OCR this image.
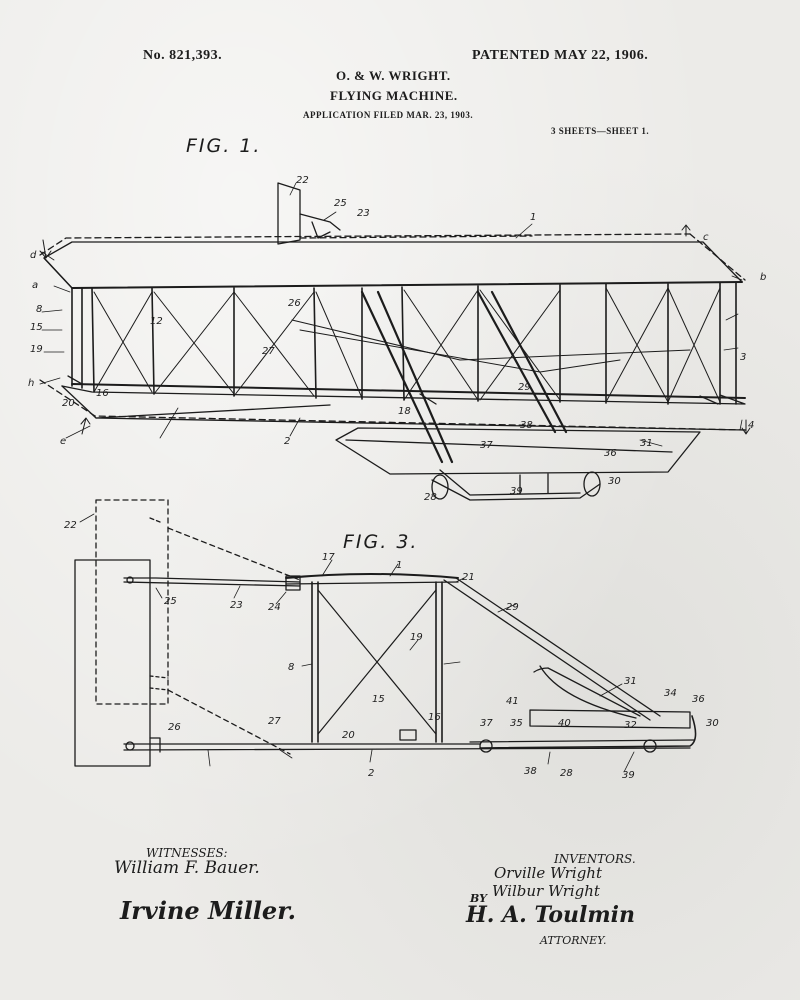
No. 821,393.	PATENTED MAY 22, 1906.

O. & W. WRIGHT.

FLYING MACHINE.

APPLICATION FILED MAR. 23, 1903.

3 SHEETS—SHEET 1.

FIG. 1.
FIG. 3.
22
25
23	1
c
d
b
a
8
15
19
20
16
h
e
12
26
27
18
29
31
38
37
36
30
39
28
2
3
4
22
17
1
21
25	23	24
8
19
15
29
31
32
41
34
36
30
26
27
20
16
37 35	40
28
38	39
2

WITNESSES:

William F. Bauer.

Irvine Miller.

INVENTORS.

Orville Wright

Wilbur Wright

BY

H. A. Toulmin

ATTORNEY.
